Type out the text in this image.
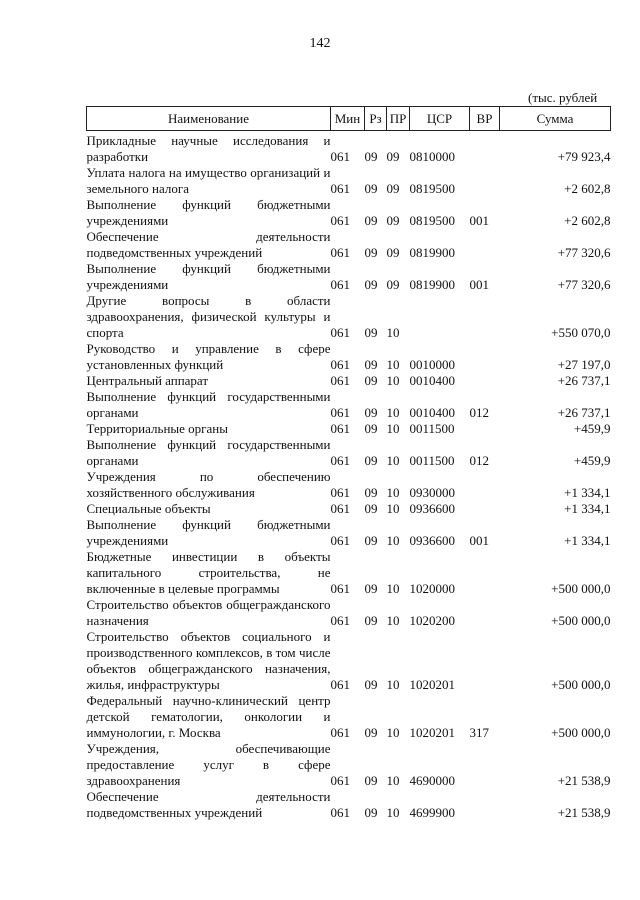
142
(тыс. рублей
Наименование	Мин	Рз	ПР	ЦСР	ВР	Сумма

Прикладные научные исследования и разработки	061	09	09	0810000		+79 923,4
Уплата налога на имущество организаций и земельного налога	061	09	09	0819500		+2 602,8
Выполнение функций бюджетными учреждениями	061	09	09	0819500	001	+2 602,8
Обеспечение деятельности подведомственных учреждений	061	09	09	0819900		+77 320,6
Выполнение функций бюджетными учреждениями	061	09	09	0819900	001	+77 320,6
Другие вопросы в области здравоохранения, физической культуры и спорта	061	09	10			+550 070,0
Руководство и управление в сфере установленных функций	061	09	10	0010000		+27 197,0
Центральный аппарат	061	09	10	0010400		+26 737,1
Выполнение функций государственными органами	061	09	10	0010400	012	+26 737,1
Территориальные органы	061	09	10	0011500		+459,9
Выполнение функций государственными органами	061	09	10	0011500	012	+459,9
Учреждения по обеспечению хозяйственного обслуживания	061	09	10	0930000		+1 334,1
Специальные объекты	061	09	10	0936600		+1 334,1
Выполнение функций бюджетными учреждениями	061	09	10	0936600	001	+1 334,1
Бюджетные инвестиции в объекты капитального строительства, не включенные в целевые программы	061	09	10	1020000		+500 000,0
Строительство объектов общегражданского назначения	061	09	10	1020200		+500 000,0
Строительство объектов социального и производственного комплексов, в том числе объектов общегражданского назначения, жилья, инфраструктуры	061	09	10	1020201		+500 000,0
Федеральный научно-клинический центр детской гематологии, онкологии и иммунологии, г. Москва	061	09	10	1020201	317	+500 000,0
Учреждения, обеспечивающие предоставление услуг в сфере здравоохранения	061	09	10	4690000		+21 538,9
Обеспечение деятельности подведомственных учреждений	061	09	10	4699900		+21 538,9
